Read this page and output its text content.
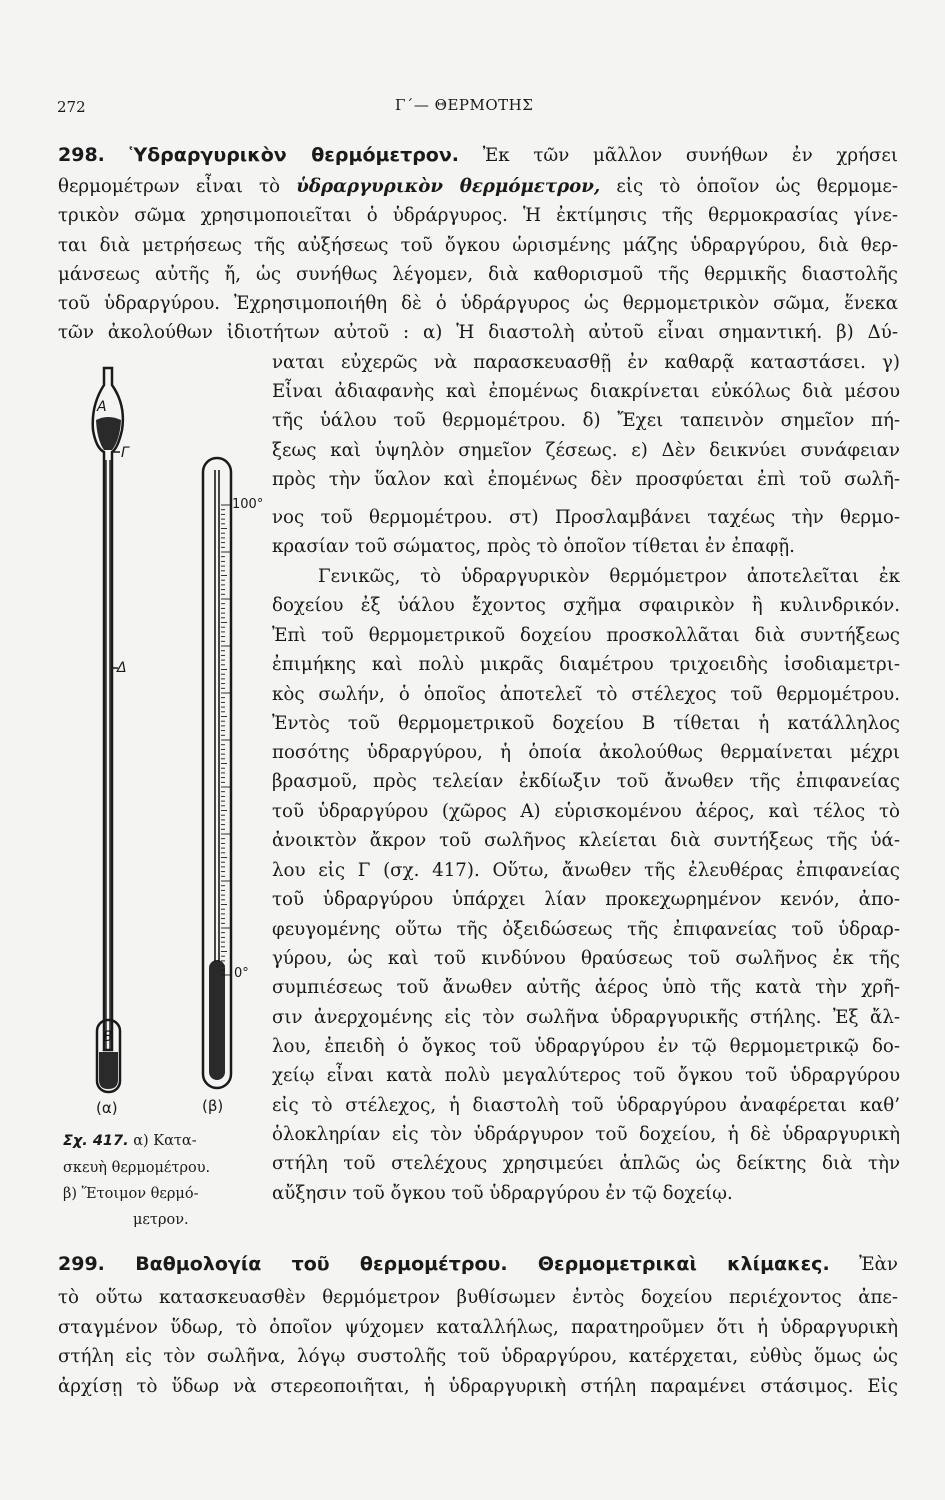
272	Γ΄— ΘΕΡΜΟΤΗΣ
298. Ὑδραργυρικὸν θερμόμετρον. Ἐκ τῶν μᾶλλον συνήθων ἐν χρήσει
θερμομέτρων εἶναι τὸ ὑδραργυρικὸν θερμόμετρον, εἰς τὸ ὁποῖον ὡς θερμομε-
τρικὸν σῶμα χρησιμοποιεῖται ὁ ὑδράργυρος. Ἡ ἐκτίμησις τῆς θερμοκρασίας γίνε-
ται διὰ μετρήσεως τῆς αὐξήσεως τοῦ ὄγκου ὡρισμένης μάζης ὑδραργύρου, διὰ θερ-
μάνσεως αὐτῆς ἤ, ὡς συνήθως λέγομεν, διὰ καθορισμοῦ τῆς θερμικῆς διαστολῆς
τοῦ ὑδραργύρου. Ἐχρησιμοποιήθη δὲ ὁ ὑδράργυρος ὡς θερμομετρικὸν σῶμα, ἕνεκα
τῶν ἀκολούθων ἰδιοτήτων αὐτοῦ : α) Ἡ διαστολὴ αὐτοῦ εἶναι σημαντική. β) Δύ-
ναται εὐχερῶς νὰ παρασκευασθῇ ἐν καθαρᾷ καταστάσει. γ)
Εἶναι ἀδιαφανὴς καὶ ἐπομένως διακρίνεται εὐκόλως διὰ μέσου
τῆς ὑάλου τοῦ θερμομέτρου. δ) Ἔχει ταπεινὸν σημεῖον πή-
ξεως καὶ ὑψηλὸν σημεῖον ζέσεως. ε) Δὲν δεικνύει συνάφειαν
πρὸς τὴν ὕαλον καὶ ἐπομένως δὲν προσφύεται ἐπὶ τοῦ σωλῆ-
νος τοῦ θερμομέτρου. στ) Προσλαμβάνει ταχέως τὴν θερμο-
κρασίαν τοῦ σώματος, πρὸς τὸ ὁποῖον τίθεται ἐν ἐπαφῇ.
Γενικῶς, τὸ ὑδραργυρικὸν θερμόμετρον ἀποτελεῖται ἐκ
δοχείου ἐξ ὑάλου ἔχοντος σχῆμα σφαιρικὸν ἢ κυλινδρικόν.
Ἐπὶ τοῦ θερμομετρικοῦ δοχείου προσκολλᾶται διὰ συντήξεως
ἐπιμήκης καὶ πολὺ μικρᾶς διαμέτρου τριχοειδὴς ἰσοδιαμετρι-
κὸς σωλήν, ὁ ὁποῖος ἀποτελεῖ τὸ στέλεχος τοῦ θερμομέτρου.
Ἐντὸς τοῦ θερμομετρικοῦ δοχείου Β τίθεται ἡ κατάλληλος
ποσότης ὑδραργύρου, ἡ ὁποία ἀκολούθως θερμαίνεται μέχρι
βρασμοῦ, πρὸς τελείαν ἐκδίωξιν τοῦ ἄνωθεν τῆς ἐπιφανείας
τοῦ ὑδραργύρου (χῶρος Α) εὑρισκομένου ἀέρος, καὶ τέλος τὸ
ἀνοικτὸν ἄκρον τοῦ σωλῆνος κλείεται διὰ συντήξεως τῆς ὑά-
λου εἰς Γ (σχ. 417). Οὕτω, ἄνωθεν τῆς ἐλευθέρας ἐπιφανείας
τοῦ ὑδραργύρου ὑπάρχει λίαν προκεχωρημένον κενόν, ἀπο-
φευγομένης οὕτω τῆς ὀξειδώσεως τῆς ἐπιφανείας τοῦ ὑδραρ-
γύρου, ὡς καὶ τοῦ κινδύνου θραύσεως τοῦ σωλῆνος ἐκ τῆς
συμπιέσεως τοῦ ἄνωθεν αὐτῆς ἀέρος ὑπὸ τῆς κατὰ τὴν χρῆ-
σιν ἀνερχομένης εἰς τὸν σωλῆνα ὑδραργυρικῆς στήλης. Ἐξ ἄλ-
λου, ἐπειδὴ ὁ ὄγκος τοῦ ὑδραργύρου ἐν τῷ θερμομετρικῷ δο-
χείῳ εἶναι κατὰ πολὺ μεγαλύτερος τοῦ ὄγκου τοῦ ὑδραργύρου
εἰς τὸ στέλεχος, ἡ διαστολὴ τοῦ ὑδραργύρου ἀναφέρεται καθ’
ὁλοκληρίαν εἰς τὸν ὑδράργυρον τοῦ δοχείου, ἡ δὲ ὑδραργυρικὴ
στήλη τοῦ στελέχους χρησιμεύει ἁπλῶς ὡς δείκτης διὰ τὴν
αὔξησιν τοῦ ὄγκου τοῦ ὑδραργύρου ἐν τῷ δοχείῳ.
A
Γ
Δ
B
100°
0°
(α)	(β)
Σχ. 417. α) Κατα-
σκευὴ θερμομέτρου.
β) Ἕτοιμον θερμό-
μετρον.
299. Βαθμολογία τοῦ θερμομέτρου. Θερμομετρικαὶ κλίμακες. Ἐὰν
τὸ οὕτω κατασκευασθὲν θερμόμετρον βυθίσωμεν ἐντὸς δοχείου περιέχοντος ἀπε-
σταγμένον ὕδωρ, τὸ ὁποῖον ψύχομεν καταλλήλως, παρατηροῦμεν ὅτι ἡ ὑδραργυρικὴ
στήλη εἰς τὸν σωλῆνα, λόγῳ συστολῆς τοῦ ὑδραργύρου, κατέρχεται, εὐθὺς ὅμως ὡς
ἀρχίσῃ τὸ ὕδωρ νὰ στερεοποιῆται, ἡ ὑδραργυρικὴ στήλη παραμένει στάσιμος. Εἰς
